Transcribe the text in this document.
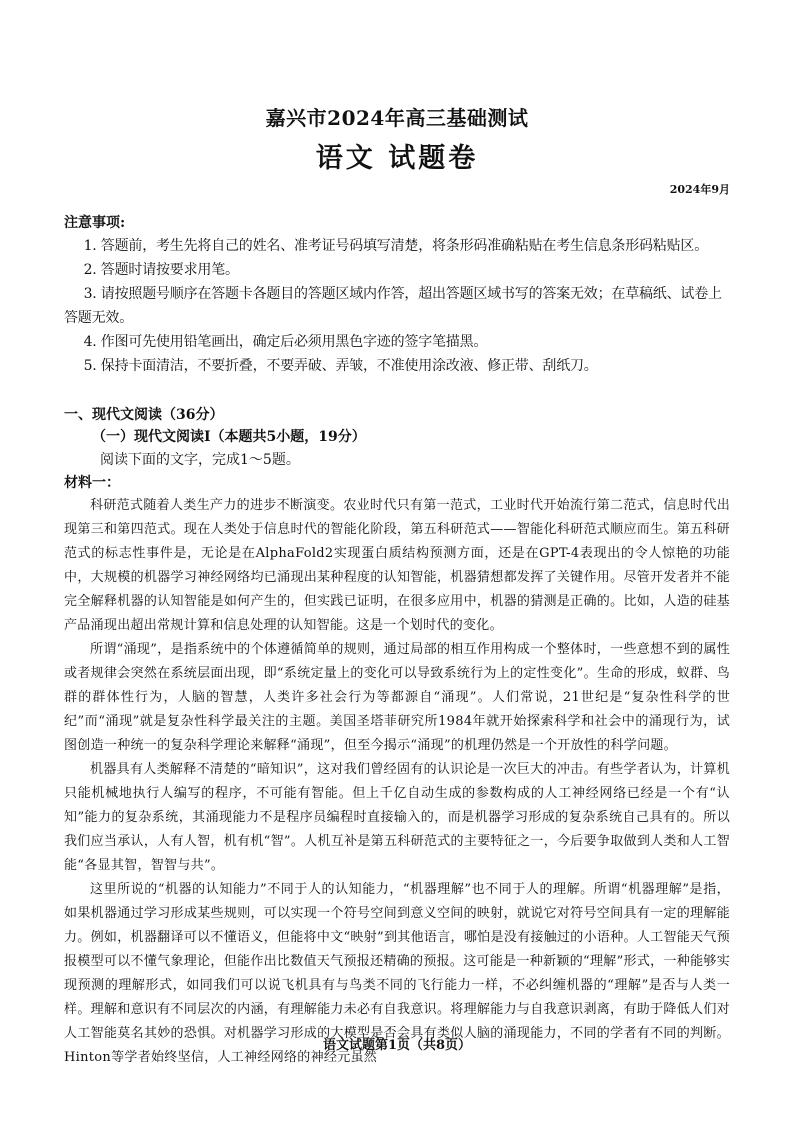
嘉兴市2024年高三基础测试
语文 试题卷
2024年9月
注意事项:
1. 答题前，考生先将自己的姓名、准考证号码填写清楚，将条形码准确粘贴在考生信息条形码粘贴区。
2. 答题时请按要求用笔。
3. 请按照题号顺序在答题卡各题目的答题区域内作答，超出答题区域书写的答案无效；在草稿纸、试卷上答题无效。
4. 作图可先使用铅笔画出，确定后必须用黑色字迹的签字笔描黑。
5. 保持卡面清洁，不要折叠，不要弄破、弄皱，不准使用涂改液、修正带、刮纸刀。
一、现代文阅读（36分）
（一）现代文阅读Ⅰ（本题共5小题，19分）
阅读下面的文字，完成1～5题。
材料一：

科研范式随着人类生产力的进步不断演变。农业时代只有第一范式，工业时代开始流行第二范式，信息时代出现第三和第四范式。现在人类处于信息时代的智能化阶段，第五科研范式——智能化科研范式顺应而生。第五科研范式的标志性事件是，无论是在AlphaFold2实现蛋白质结构预测方面，还是在GPT-4表现出的令人惊艳的功能中，大规模的机器学习神经网络均已涌现出某种程度的认知智能，机器猜想都发挥了关键作用。尽管开发者并不能完全解释机器的认知智能是如何产生的，但实践已证明，在很多应用中，机器的猜测是正确的。比如，人造的硅基产品涌现出超出常规计算和信息处理的认知智能。这是一个划时代的变化。

所谓“涌现”，是指系统中的个体遵循简单的规则，通过局部的相互作用构成一个整体时，一些意想不到的属性或者规律会突然在系统层面出现，即“系统定量上的变化可以导致系统行为上的定性变化”。生命的形成，蚁群、鸟群的群体性行为，人脑的智慧，人类许多社会行为等都源自“涌现”。人们常说，21世纪是“复杂性科学的世纪”而“涌现”就是复杂性科学最关注的主题。美国圣塔菲研究所1984年就开始探索科学和社会中的涌现行为，试图创造一种统一的复杂科学理论来解释“涌现”，但至今揭示“涌现”的机理仍然是一个开放性的科学问题。

机器具有人类解释不清楚的“暗知识”，这对我们曾经固有的认识论是一次巨大的冲击。有些学者认为，计算机只能机械地执行人编写的程序，不可能有智能。但上千亿自动生成的参数构成的人工神经网络已经是一个有“认知”能力的复杂系统，其涌现能力不是程序员编程时直接输入的，而是机器学习形成的复杂系统自己具有的。所以我们应当承认，人有人智，机有机“智”。人机互补是第五科研范式的主要特征之一，今后要争取做到人类和人工智能“各显其智，智智与共”。

这里所说的“机器的认知能力”不同于人的认知能力，“机器理解”也不同于人的理解。所谓“机器理解”是指，如果机器通过学习形成某些规则，可以实现一个符号空间到意义空间的映射，就说它对符号空间具有一定的理解能力。例如，机器翻译可以不懂语义，但能将中文“映射”到其他语言，哪怕是没有接触过的小语种。人工智能天气预报模型可以不懂气象理论，但能作出比数值天气预报还精确的预报。这可能是一种新颖的“理解”形式，一种能够实现预测的理解形式，如同我们可以说飞机具有与鸟类不同的飞行能力一样，不必纠缠机器的“理解”是否与人类一样。理解和意识有不同层次的内涵，有理解能力未必有自我意识。将理解能力与自我意识剥离，有助于降低人们对人工智能莫名其妙的恐惧。对机器学习形成的大模型是否会具有类似人脑的涌现能力，不同的学者有不同的判断。Hinton等学者始终坚信，人工神经网络的神经元虽然

语文试题第1页（共8页）
